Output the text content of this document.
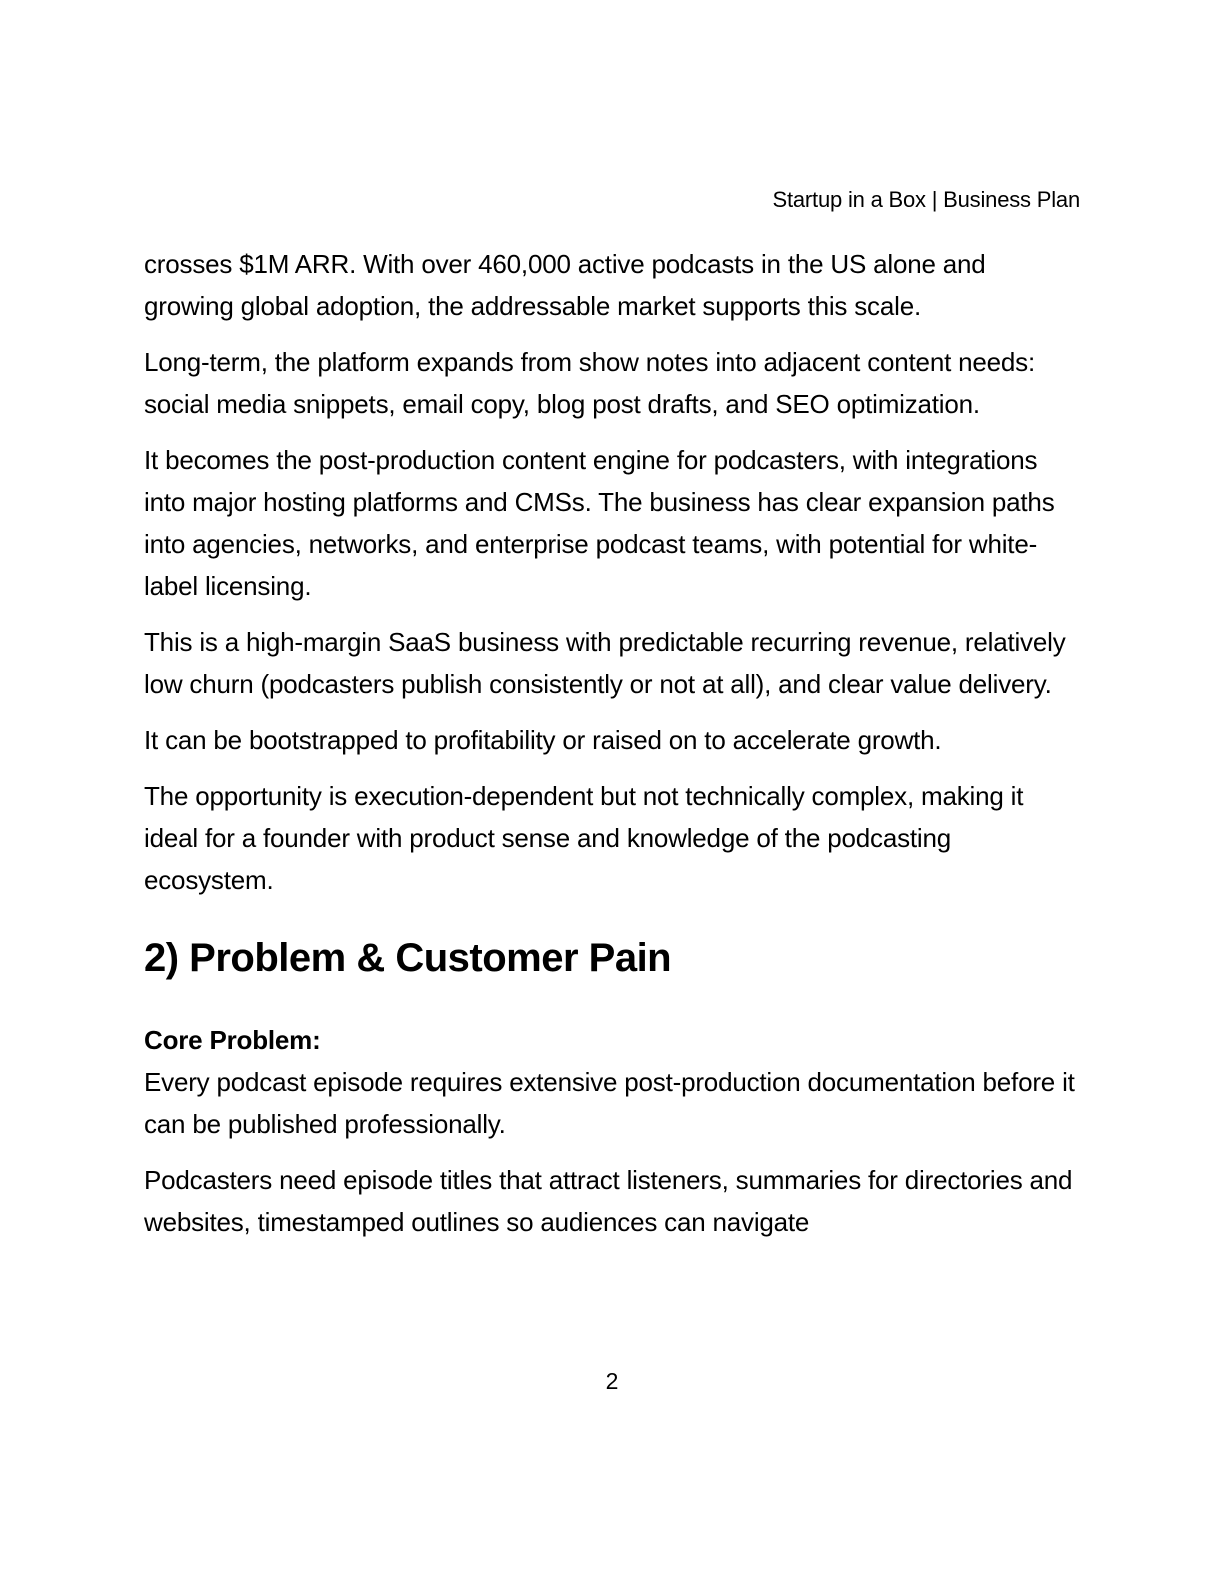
Startup in a Box | Business Plan

crosses $1M ARR. With over 460,000 active podcasts in the US alone and growing global adoption, the addressable market supports this scale.

Long-term, the platform expands from show notes into adjacent content needs: social media snippets, email copy, blog post drafts, and SEO optimization.

It becomes the post-production content engine for podcasters, with integrations into major hosting platforms and CMSs. The business has clear expansion paths into agencies, networks, and enterprise podcast teams, with potential for white-label licensing.

This is a high-margin SaaS business with predictable recurring revenue, relatively low churn (podcasters publish consistently or not at all), and clear value delivery.

It can be bootstrapped to profitability or raised on to accelerate growth.

The opportunity is execution-dependent but not technically complex, making it ideal for a founder with product sense and knowledge of the podcasting ecosystem.

2) Problem & Customer Pain

Core Problem:
Every podcast episode requires extensive post-production documentation before it can be published professionally.

Podcasters need episode titles that attract listeners, summaries for directories and websites, timestamped outlines so audiences can navigate

2
